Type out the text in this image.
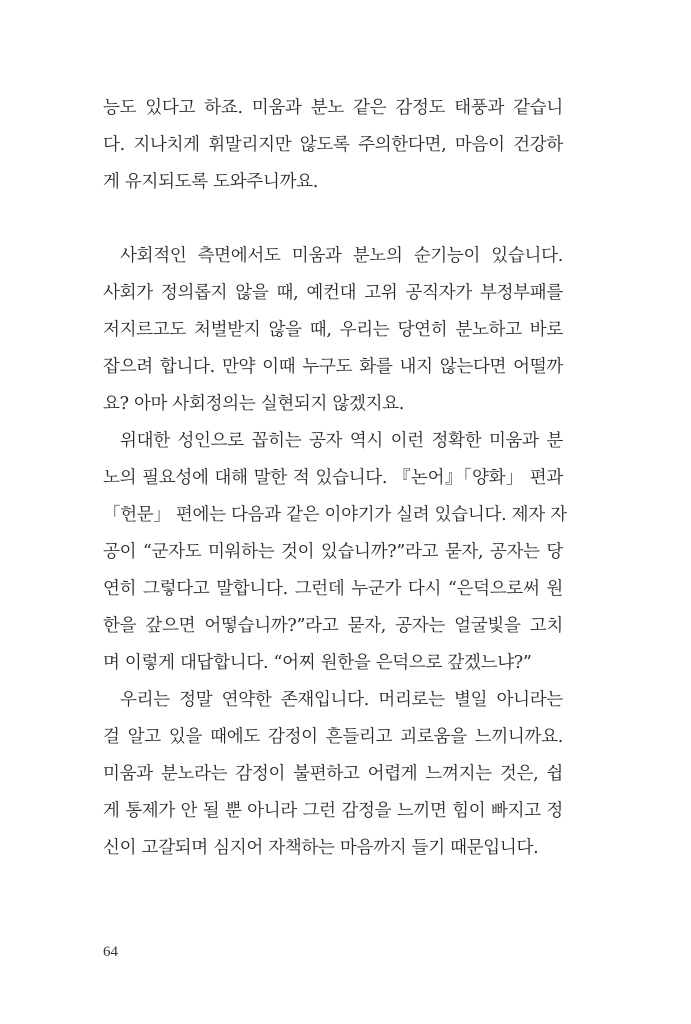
능도 있다고 하죠. 미움과 분노 같은 감정도 태풍과 같습니
다. 지나치게 휘말리지만 않도록 주의한다면, 마음이 건강하
게 유지되도록 도와주니까요.
사회적인 측면에서도 미움과 분노의 순기능이 있습니다.
사회가 정의롭지 않을 때, 예컨대 고위 공직자가 부정부패를
저지르고도 처벌받지 않을 때, 우리는 당연히 분노하고 바로
잡으려 합니다. 만약 이때 누구도 화를 내지 않는다면 어떨까
요? 아마 사회정의는 실현되지 않겠지요.
위대한 성인으로 꼽히는 공자 역시 이런 정확한 미움과 분
노의 필요성에 대해 말한 적 있습니다. 『논어』「양화」 편과
「헌문」 편에는 다음과 같은 이야기가 실려 있습니다. 제자 자
공이 “군자도 미워하는 것이 있습니까?”라고 묻자, 공자는 당
연히 그렇다고 말합니다. 그런데 누군가 다시 “은덕으로써 원
한을 갚으면 어떻습니까?”라고 묻자, 공자는 얼굴빛을 고치
며 이렇게 대답합니다. “어찌 원한을 은덕으로 갚겠느냐?”
우리는 정말 연약한 존재입니다. 머리로는 별일 아니라는
걸 알고 있을 때에도 감정이 흔들리고 괴로움을 느끼니까요.
미움과 분노라는 감정이 불편하고 어렵게 느껴지는 것은, 쉽
게 통제가 안 될 뿐 아니라 그런 감정을 느끼면 힘이 빠지고 정
신이 고갈되며 심지어 자책하는 마음까지 들기 때문입니다.
64
